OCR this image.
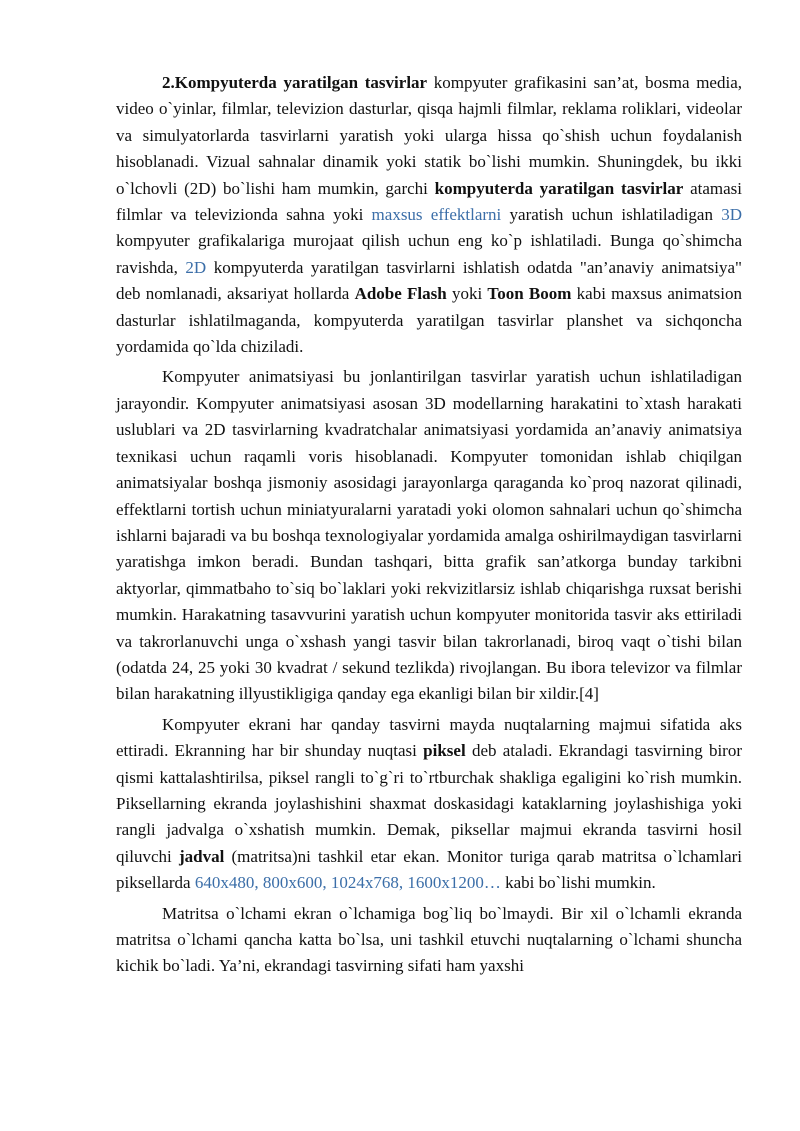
2.Kompyuterda yaratilgan tasvirlar kompyuter grafikasini san’at, bosma media, video o`yinlar, filmlar, televizion dasturlar, qisqa hajmli filmlar, reklama roliklari, videolar va simulyatorlarda tasvirlarni yaratish yoki ularga hissa qo`shish uchun foydalanish hisoblanadi. Vizual sahnalar dinamik yoki statik bo`lishi mumkin. Shuningdek, bu ikki o`lchovli (2D) bo`lishi ham mumkin, garchi kompyuterda yaratilgan tasvirlar atamasi filmlar va televizionda sahna yoki maxsus effektlarni yaratish uchun ishlatiladigan 3D kompyuter grafikalariga murojaat qilish uchun eng ko`p ishlatiladi. Bunga qo`shimcha ravishda, 2D kompyuterda yaratilgan tasvirlarni ishlatish odatda "an’anaviy animatsiya" deb nomlanadi, aksariyat hollarda Adobe Flash yoki Toon Boom kabi maxsus animatsion dasturlar ishlatilmaganda, kompyuterda yaratilgan tasvirlar planshet va sichqoncha yordamida qo`lda chiziladi.

Kompyuter animatsiyasi bu jonlantirilgan tasvirlar yaratish uchun ishlatiladigan jarayondir. Kompyuter animatsiyasi asosan 3D modellarning harakatini to`xtash harakati uslublari va 2D tasvirlarning kvadratchalar animatsiyasi yordamida an’anaviy animatsiya texnikasi uchun raqamli voris hisoblanadi. Kompyuter tomonidan ishlab chiqilgan animatsiyalar boshqa jismoniy asosidagi jarayonlarga qaraganda ko`proq nazorat qilinadi, effektlarni tortish uchun miniatyuralarni yaratadi yoki olomon sahnalari uchun qo`shimcha ishlarni bajaradi va bu boshqa texnologiyalar yordamida amalga oshirilmaydigan tasvirlarni yaratishga imkon beradi. Bundan tashqari, bitta grafik san’atkorga bunday tarkibni aktyorlar, qimmatbaho to`siq bo`laklari yoki rekvizitlarsiz ishlab chiqarishga ruxsat berishi mumkin. Harakatning tasavvurini yaratish uchun kompyuter monitorida tasvir aks ettiriladi va takrorlanuvchi unga o`xshash yangi tasvir bilan takrorlanadi, biroq vaqt o`tishi bilan (odatda 24, 25 yoki 30 kvadrat / sekund tezlikda) rivojlangan. Bu ibora televizor va filmlar bilan harakatning illyustikligiga qanday ega ekanligi bilan bir xildir.[4]

Kompyuter ekrani har qanday tasvirni mayda nuqtalarning majmui sifatida aks ettiradi. Ekranning har bir shunday nuqtasi piksel deb ataladi. Ekrandagi tasvirning biror qismi kattalashtirilsa, piksel rangli to`g`ri to`rtburchak shakliga egaligini ko`rish mumkin. Piksellarning ekranda joylashishini shaxmat doskasidagi kataklarning joylashishiga yoki rangli jadvalga o`xshatish mumkin. Demak, piksellar majmui ekranda tasvirni hosil qiluvchi jadval (matritsa)ni tashkil etar ekan. Monitor turiga qarab matritsa o`lchamlari piksellarda 640x480, 800x600, 1024x768, 1600x1200… kabi bo`lishi mumkin.

Matritsa o`lchami ekran o`lchamiga bog`liq bo`lmaydi. Bir xil o`lchamli ekranda matritsa o`lchami qancha katta bo`lsa, uni tashkil etuvchi nuqtalarning o`lchami shuncha kichik bo`ladi. Ya’ni, ekrandagi tasvirning sifati ham yaxshi
